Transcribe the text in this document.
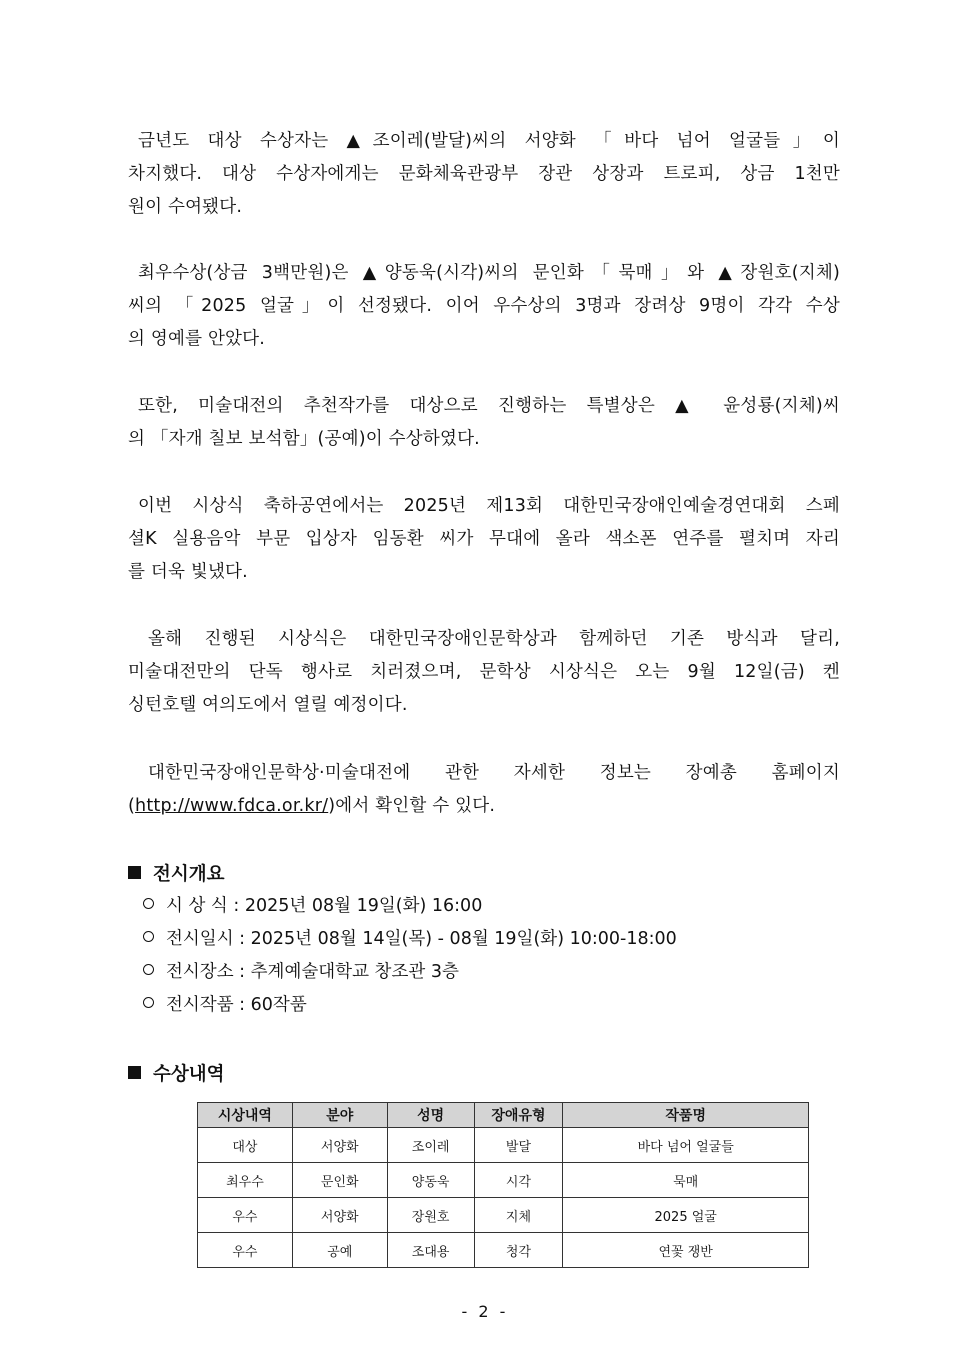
금년도 대상 수상자는 ▲조이레(발달)씨의 서양화 「바다 넘어 얼굴들」이
차지했다. 대상 수상자에게는 문화체육관광부 장관 상장과 트로피, 상금 1천만
원이 수여됐다.
최우수상(상금 3백만원)은 ▲양동욱(시각)씨의 문인화「묵매」와 ▲장원호(지체)
씨의 「2025 얼굴」이 선정됐다. 이어 우수상의 3명과 장려상 9명이 각각 수상
의 영예를 안았다.
또한, 미술대전의 추천작가를 대상으로 진행하는 특별상은 ▲ 윤성룡(지체)씨
의 「자개 칠보 보석함」(공예)이 수상하였다.
이번 시상식 축하공연에서는 2025년 제13회 대한민국장애인예술경연대회 스페
셜K 실용음악 부문 입상자 임동환 씨가 무대에 올라 색소폰 연주를 펼치며 자리
를 더욱 빛냈다.
올해 진행된 시상식은 대한민국장애인문학상과 함께하던 기존 방식과 달리,
미술대전만의 단독 행사로 치러졌으며, 문학상 시상식은 오는 9월 12일(금) 켄
싱턴호텔 여의도에서 열릴 예정이다.
대한민국장애인문학상·미술대전에 관한 자세한 정보는 장예총 홈페이지
(http://www.fdca.or.kr/)에서 확인할 수 있다.
전시개요
시 상 식 : 2025년 08월 19일(화) 16:00
전시일시 : 2025년 08월 14일(목) - 08월 19일(화) 10:00-18:00
전시장소 : 추계예술대학교 창조관 3층
전시작품 : 60작품
수상내역
시상내역	분야	성명	장애유형	작품명
대상	서양화	조이레	발달	바다 넘어 얼굴들
최우수	문인화	양동욱	시각	묵매
우수	서양화	장원호	지체	2025 얼굴
우수	공예	조대용	청각	연꽃 쟁반
- 2 -
